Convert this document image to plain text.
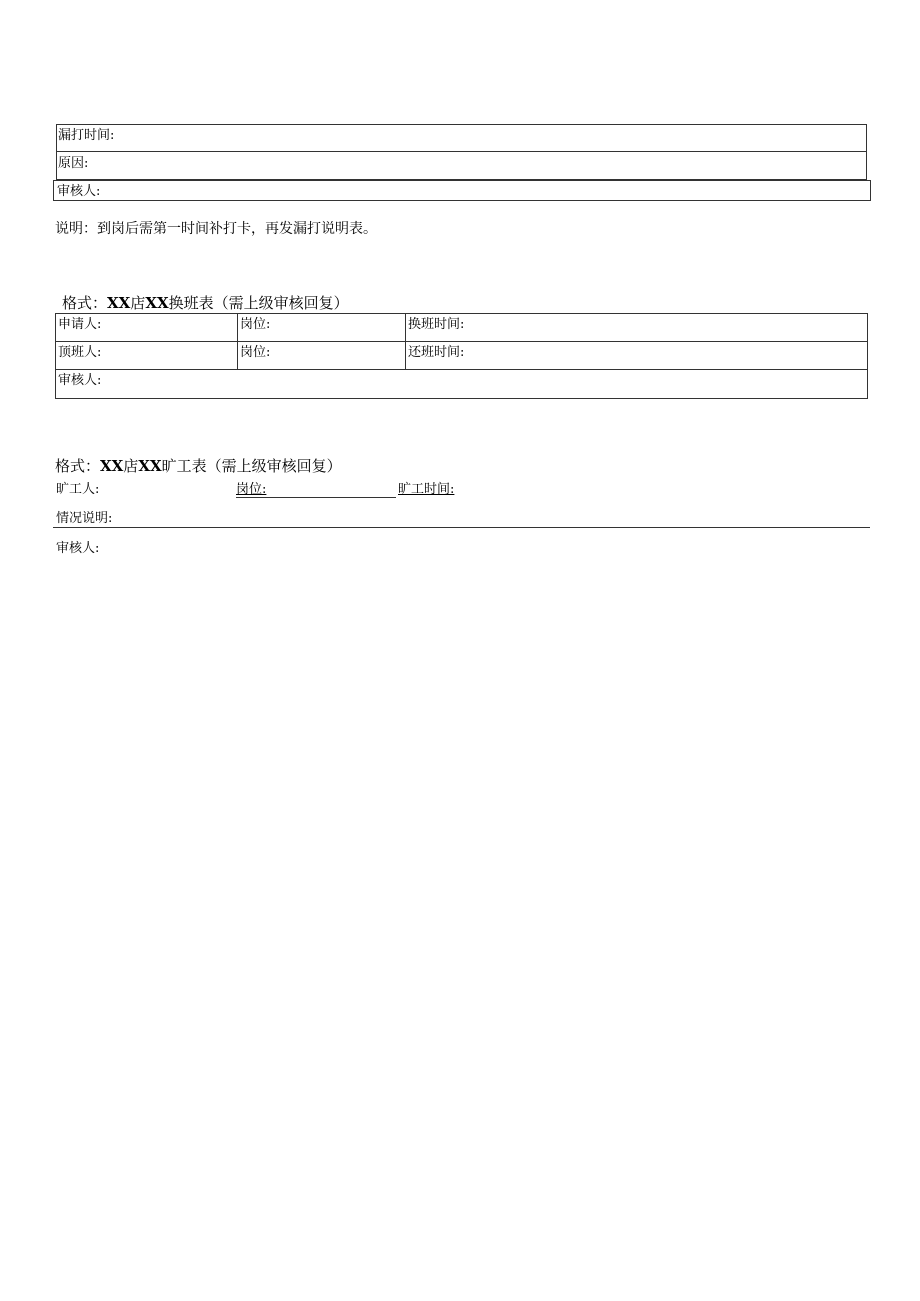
漏打时间:
原因:
审核人:
说明：到岗后需第一时间补打卡，再发漏打说明表。
格式：XX店XX换班表（需上级审核回复）
申请人:	岗位:	换班时间:
顶班人:	岗位:	还班时间:
审核人:
格式：XX店XX旷工表（需上级审核回复）
旷工人:	岗位:	旷工时间:
情况说明:
审核人:
